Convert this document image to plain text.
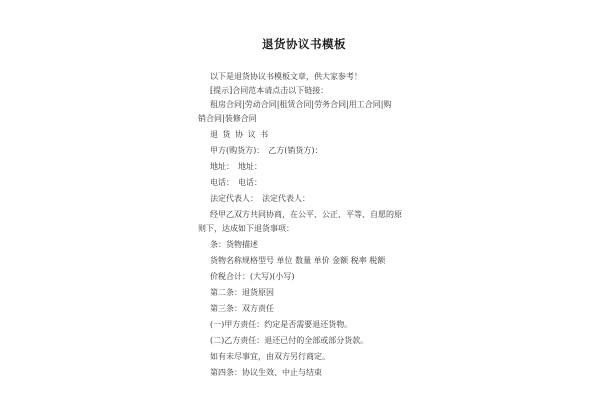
退货协议书模板
以下是退货协议书模板文章，供大家参考！
[提示]合同范本请点击以下链接：
租房合同|劳动合同|租赁合同|劳务合同|用工合同|购
销合同|装修合同
退 货 协 议 书
甲方(购货方)：　乙方(销货方)：
地址：　地址：
电话：　电话：
法定代表人：　法定代表人：
经甲乙双方共同协商，在公平、公正、平等、自愿的原
则下，达成如下退货事项：
条：货物描述
货物名称规格型号 单位 数量 单价 金额 税率 税额
价税合计：(大写)(小写)
第二条：退货原因
第三条：双方责任
(一)甲方责任：约定是否需要退还货物。
(二)乙方责任：退还已付的全部或部分货款。
如有未尽事宜，由双方另行商定。
第四条：协议生效、中止与结束
